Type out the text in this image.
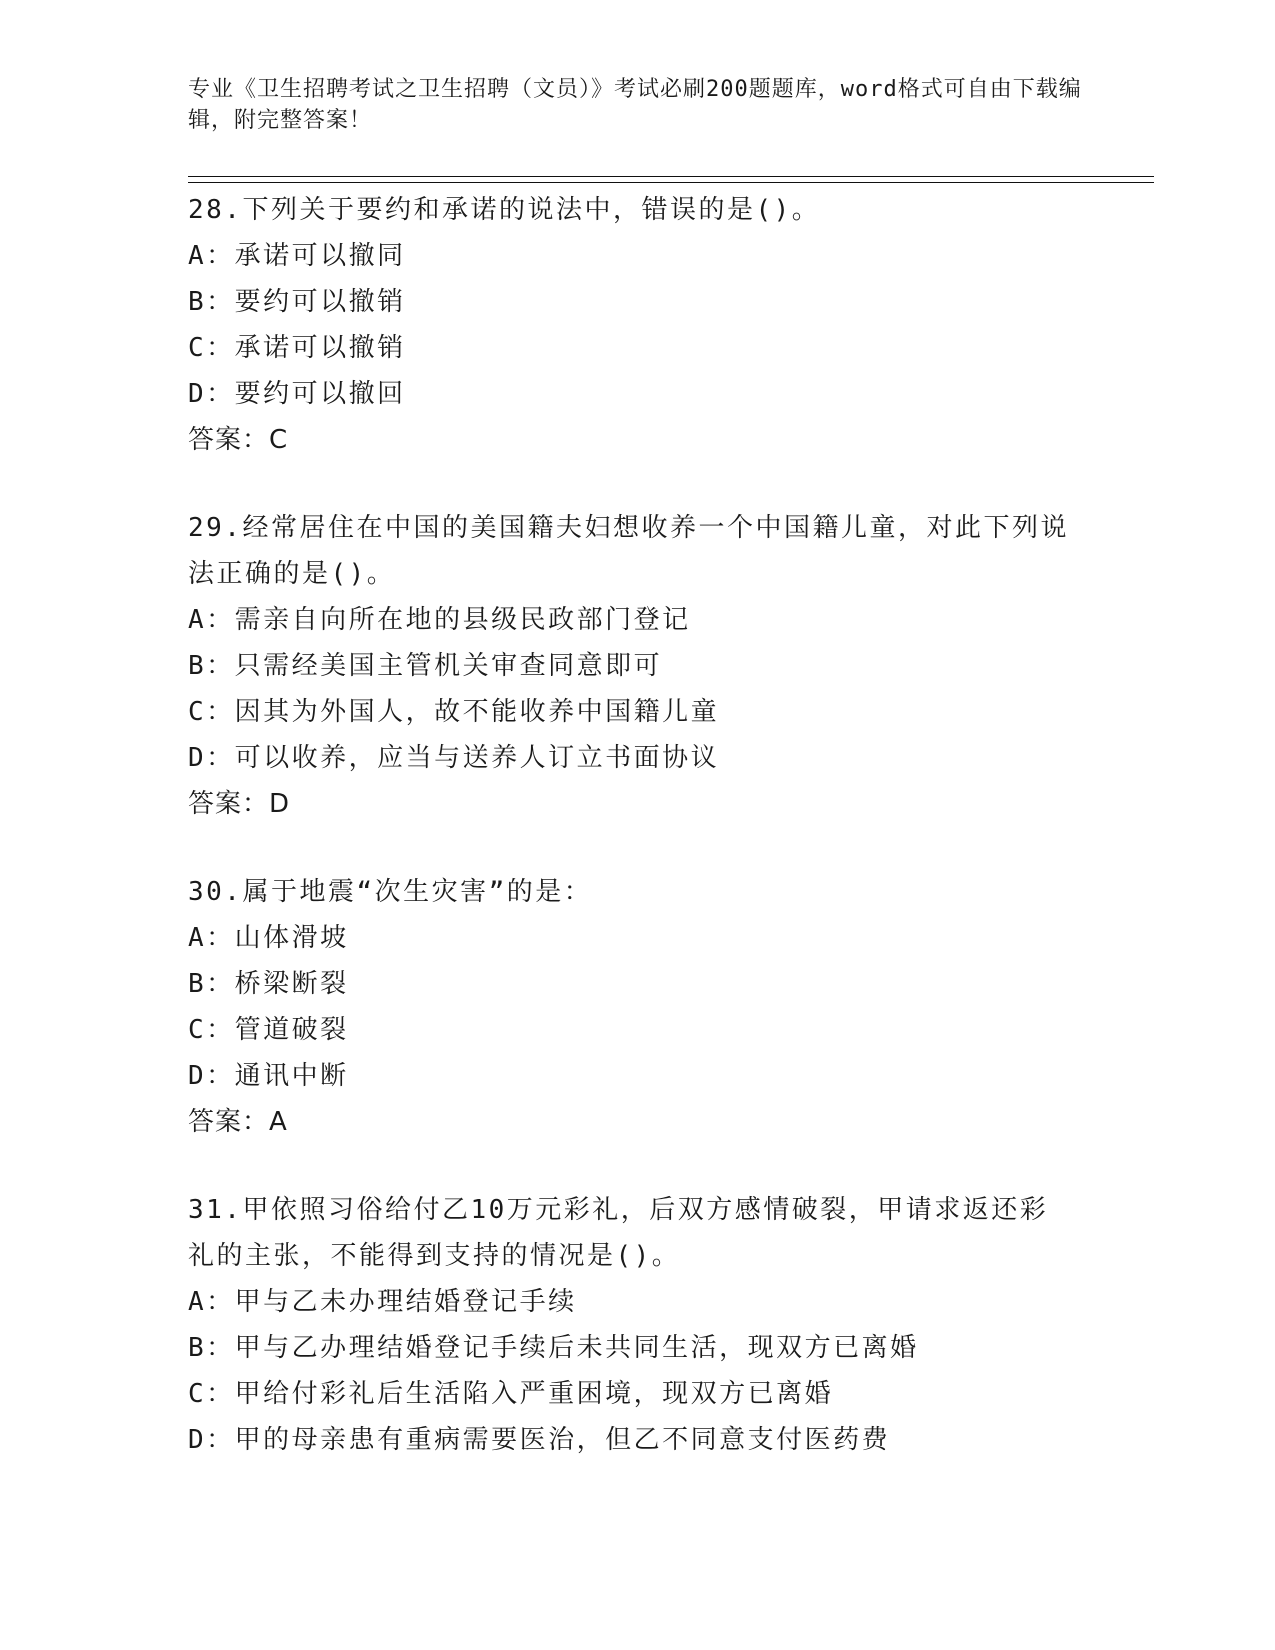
专业《卫生招聘考试之卫生招聘（文员）》考试必刷200题题库，word格式可自由下载编辑，附完整答案！
28.下列关于要约和承诺的说法中，错误的是()。
A：承诺可以撤同
B：要约可以撤销
C：承诺可以撤销
D：要约可以撤回
答案：C
29.经常居住在中国的美国籍夫妇想收养一个中国籍儿童，对此下列说
法正确的是()。
A：需亲自向所在地的县级民政部门登记
B：只需经美国主管机关审查同意即可
C：因其为外国人，故不能收养中国籍儿童
D：可以收养，应当与送养人订立书面协议
答案：D
30.属于地震“次生灾害”的是：
A：山体滑坡
B：桥梁断裂
C：管道破裂
D：通讯中断
答案：A
31.甲依照习俗给付乙10万元彩礼，后双方感情破裂，甲请求返还彩
礼的主张，不能得到支持的情况是()。
A：甲与乙未办理结婚登记手续
B：甲与乙办理结婚登记手续后未共同生活，现双方已离婚
C：甲给付彩礼后生活陷入严重困境，现双方已离婚
D：甲的母亲患有重病需要医治，但乙不同意支付医药费
